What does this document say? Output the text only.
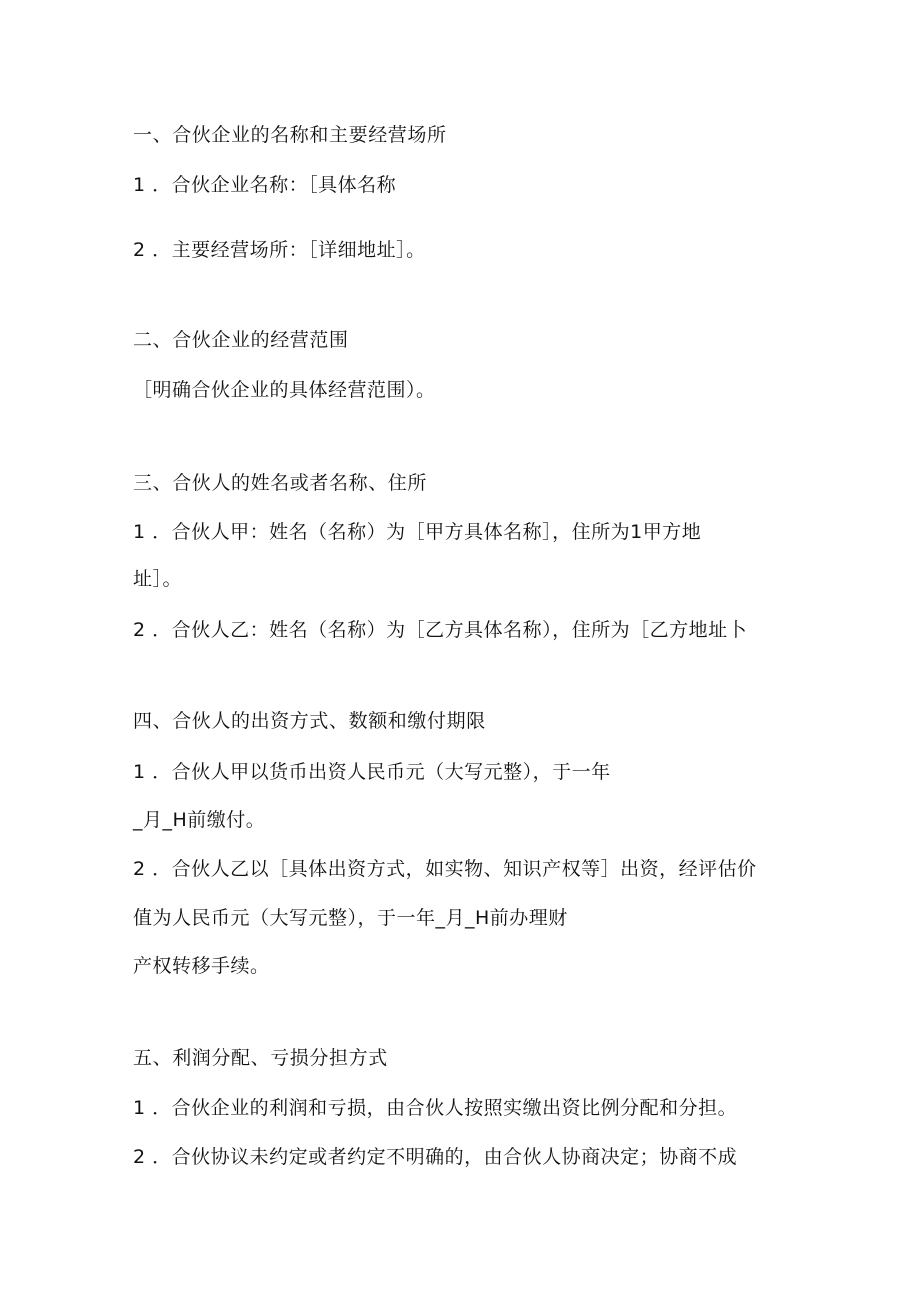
一、合伙企业的名称和主要经营场所
1 ．合伙企业名称：［具体名称
2 ．主要经营场所：［详细地址］。
二、合伙企业的经营范围
［明确合伙企业的具体经营范围）。
三、合伙人的姓名或者名称、住所
1 ．合伙人甲：姓名（名称）为［甲方具体名称］，住所为1甲方地
址］。
2 ．合伙人乙：姓名（名称）为［乙方具体名称），住所为［乙方地址卜
四、合伙人的出资方式、数额和缴付期限
1 ．合伙人甲以货币出资人民币元（大写元整），于一年
_月_H前缴付。
2 ．合伙人乙以［具体出资方式，如实物、知识产权等］出资，经评估价
值为人民币元（大写元整），于一年_月_H前办理财
产权转移手续。
五、利润分配、亏损分担方式
1 ．合伙企业的利润和亏损，由合伙人按照实缴出资比例分配和分担。
2 ．合伙协议未约定或者约定不明确的，由合伙人协商决定；协商不成
